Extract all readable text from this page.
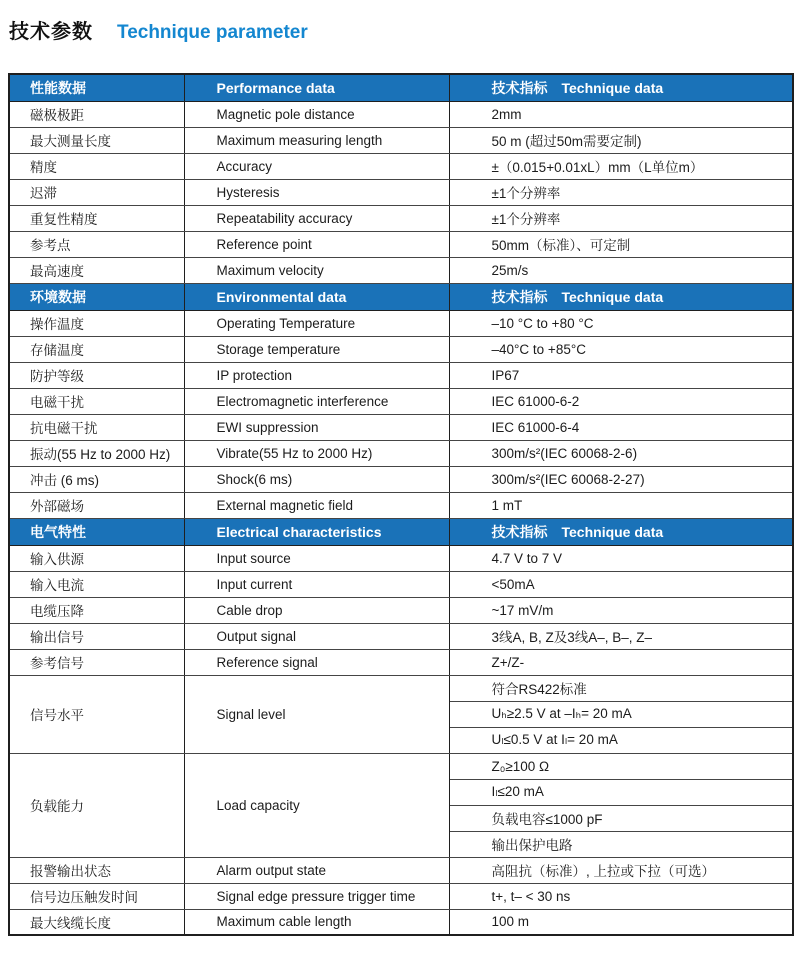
技术参数 Technique parameter
性能数据	Performance data	技术指标 Technique data
磁极极距	Magnetic pole distance	2mm
最大测量长度	Maximum measuring length	50 m (超过50m需要定制)
精度	Accuracy	±（0.015+0.01xL）mm（L单位m）
迟滞	Hysteresis	±1个分辨率
重复性精度	Repeatability accuracy	±1个分辨率
参考点	Reference point	50mm（标准）、可定制
最高速度	Maximum velocity	25m/s
环境数据	Environmental data	技术指标 Technique data
操作温度	Operating Temperature	–10 °C to +80 °C
存储温度	Storage temperature	–40°C to +85°C
防护等级	IP protection	IP67
电磁干扰	Electromagnetic interference	IEC 61000-6-2
抗电磁干扰	EWI suppression	IEC 61000-6-4
振动(55 Hz to 2000 Hz)	Vibrate(55 Hz to 2000 Hz)	300m/s²(IEC 60068-2-6)
冲击 (6 ms)	Shock(6 ms)	300m/s²(IEC 60068-2-27)
外部磁场	External magnetic field	1 mT
电气特性	Electrical characteristics	技术指标 Technique data
输入供源	Input source	4.7 V to 7 V
输入电流	Input current	<50mA
电缆压降	Cable drop	~17 mV/m
输出信号	Output signal	3线A, B, Z及3线A–, B–, Z–
参考信号	Reference signal	Z+/Z-
信号水平	Signal level	符合RS422标准
		Uₕ≥2.5 V at –Iₕ= 20 mA
		Uₗ≤0.5 V at Iₗ= 20 mA
负载能力	Load capacity	Z₀≥100 Ω
		Iₗ≤20 mA
		负载电容≤1000 pF
		输出保护电路
报警输出状态	Alarm output state	高阻抗（标准）, 上拉或下拉（可选）
信号边压触发时间	Signal edge pressure trigger time	t+, t– < 30 ns
最大线缆长度	Maximum cable length	100 m
